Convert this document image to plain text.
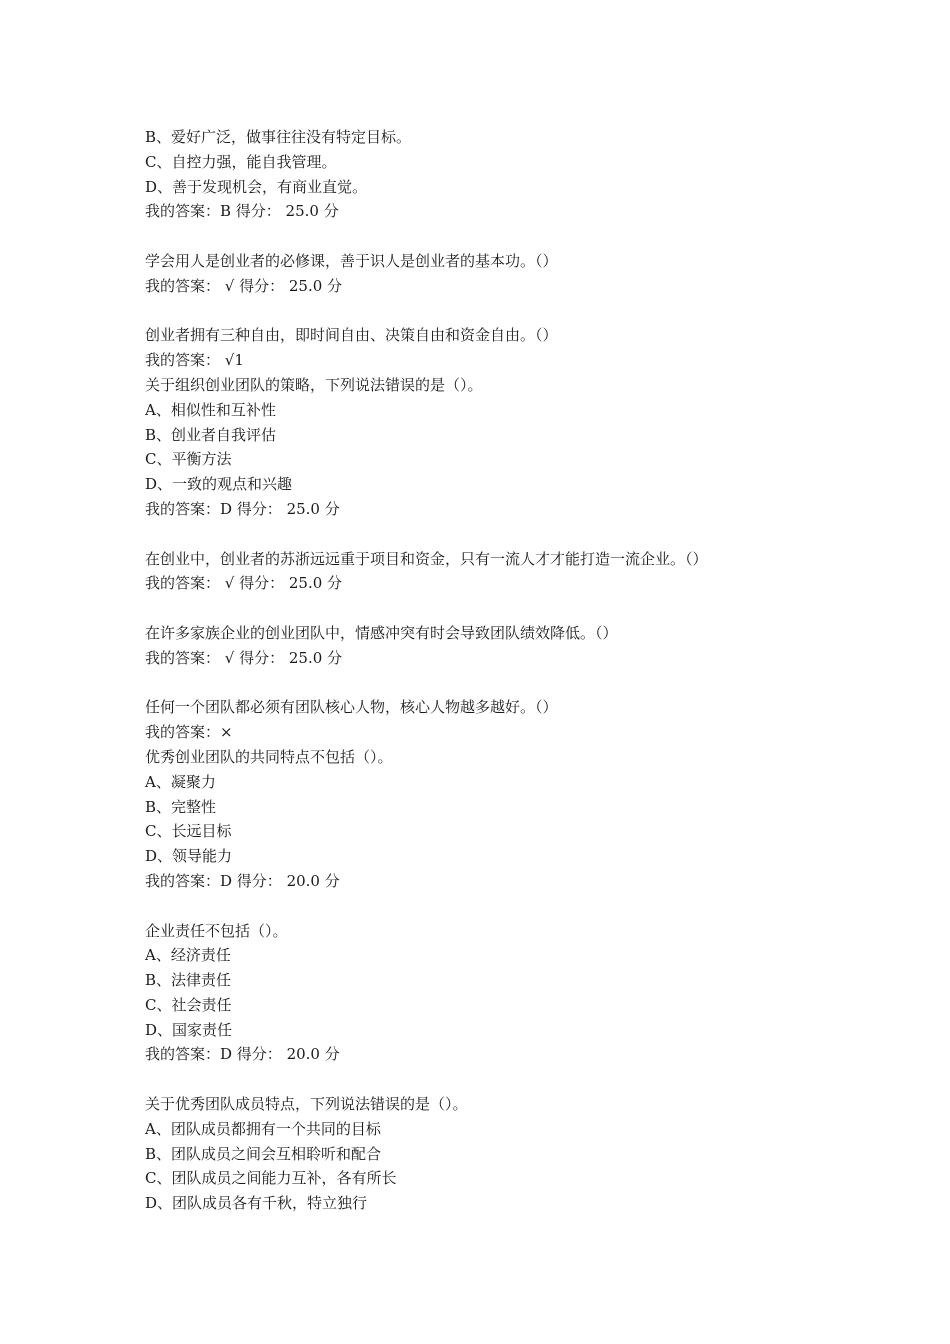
B、爱好广泛，做事往往没有特定目标。
C、自控力强，能自我管理。
D、善于发现机会，有商业直觉。
我的答案：B 得分： 25.0 分
学会用人是创业者的必修课，善于识人是创业者的基本功。（）
我的答案： √ 得分： 25.0 分
创业者拥有三种自由，即时间自由、决策自由和资金自由。（）
我的答案： √1
关于组织创业团队的策略，下列说法错误的是（）。
A、相似性和互补性
B、创业者自我评估
C、平衡方法
D、一致的观点和兴趣
我的答案：D 得分： 25.0 分
在创业中，创业者的苏浙远远重于项目和资金，只有一流人才才能打造一流企业。（）
我的答案： √ 得分： 25.0 分
在许多家族企业的创业团队中，情感冲突有时会导致团队绩效降低。（）
我的答案： √ 得分： 25.0 分
任何一个团队都必须有团队核心人物，核心人物越多越好。（）
我的答案：×
优秀创业团队的共同特点不包括（）。
A、凝聚力
B、完整性
C、长远目标
D、领导能力
我的答案：D 得分： 20.0 分
企业责任不包括（）。
A、经济责任
B、法律责任
C、社会责任
D、国家责任
我的答案：D 得分： 20.0 分
关于优秀团队成员特点，下列说法错误的是（）。
A、团队成员都拥有一个共同的目标
B、团队成员之间会互相聆听和配合
C、团队成员之间能力互补，各有所长
D、团队成员各有千秋，特立独行
